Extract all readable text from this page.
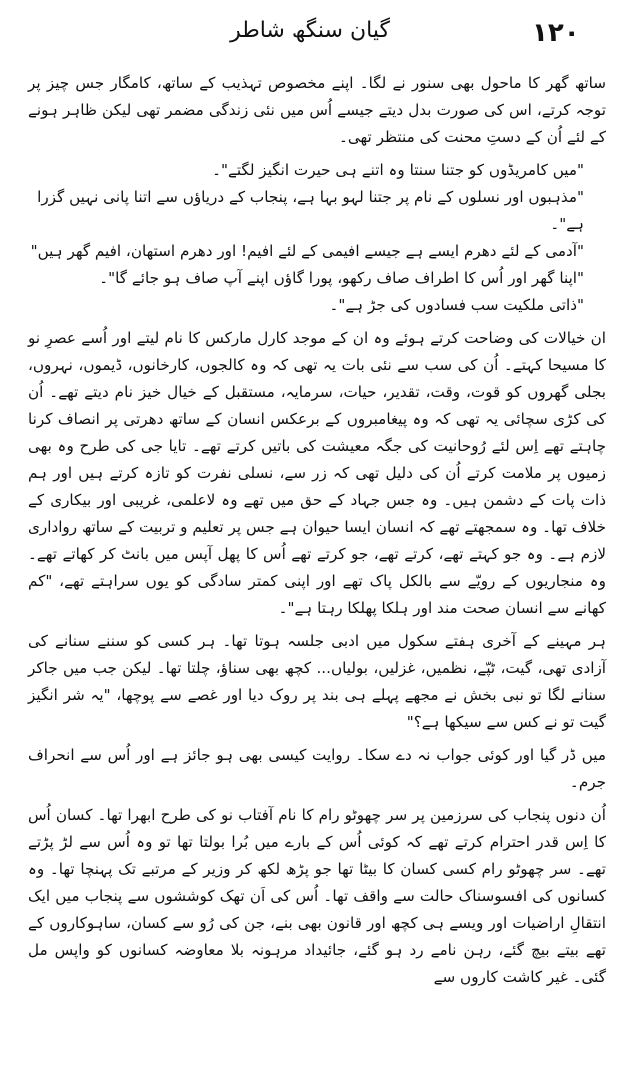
گیان سنگھ شاطر	۱۲۰

ساتھ گھر کا ماحول بھی سنور نے لگا۔ اپنے مخصوص تہذیب کے ساتھ، کامگار جس چیز پر توجہ کرتے، اس کی صورت بدل دیتے جیسے اُس میں نئی زندگی مضمر تھی لیکن ظاہر ہونے کے لئے اُن کے دستِ محنت کی منتظر تھی۔

"میں کامریڈوں کو جتنا سنتا وہ اتنے ہی حیرت انگیز لگتے"۔

"مذہبوں اور نسلوں کے نام پر جتنا لہو بہا ہے، پنجاب کے دریاؤں سے اتنا پانی نہیں گزرا ہے"۔

"آدمی کے لئے دھرم ایسے ہے جیسے افیمی کے لئے افیم! اور دھرم استھان، افیم گھر ہیں"

"اپنا گھر اور اُس کا اطراف صاف رکھو، پورا گاؤں اپنے آپ صاف ہو جائے گا"۔

"ذاتی ملکیت سب فسادوں کی جڑ ہے"۔

ان خیالات کی وضاحت کرتے ہوئے وہ ان کے موجد کارل مارکس کا نام لیتے اور اُسے عصرِ نو کا مسیحا کہتے۔ اُن کی سب سے نئی بات یہ تھی کہ وہ کالجوں، کارخانوں، ڈیموں، نہروں، بجلی گھروں کو قوت، وقت، تقدیر، حیات، سرمایہ، مستقبل کے خیال خیز نام دیتے تھے۔ اُن کی کڑی سچائی یہ تھی کہ وہ پیغامبروں کے برعکس انسان کے ساتھ دھرتی پر انصاف کرنا چاہتے تھے اِس لئے رُوحانیت کی جگہ معیشت کی باتیں کرتے تھے۔ تایا جی کی طرح وہ بھی زمیوں پر ملامت کرتے اُن کی دلیل تھی کہ زر سے، نسلی نفرت کو تازہ کرتے ہیں اور ہم ذات پات کے دشمن ہیں۔ وہ جس جہاد کے حق میں تھے وہ لاعلمی، غریبی اور بیکاری کے خلاف تھا۔ وہ سمجھتے تھے کہ انسان ایسا حیوان ہے جس پر تعلیم و تربیت کے ساتھ رواداری لازم ہے۔ وہ جو کہتے تھے، کرتے تھے، جو کرتے تھے اُس کا پھل آپس میں بانٹ کر کھاتے تھے۔ وہ منجاریوں کے رویّے سے بالکل پاک تھے اور اپنی کمتر سادگی کو یوں سراہتے تھے، "کم کھانے سے انسان صحت مند اور ہلکا پھلکا رہتا ہے"۔

ہر مہینے کے آخری ہفتے سکول میں ادبی جلسہ ہوتا تھا۔ ہر کسی کو سننے سنانے کی آزادی تھی، گیت، ٹپّے، نظمیں، غزلیں، بولیاں... کچھ بھی سناؤ، چلتا تھا۔ لیکن جب میں جاکر سنانے لگا تو نبی بخش نے مجھے پہلے ہی بند پر روک دیا اور غصے سے پوچھا، "یہ شر انگیز گیت تو نے کس سے سیکھا ہے؟"

میں ڈر گیا اور کوئی جواب نہ دے سکا۔ روایت کیسی بھی ہو جائز ہے اور اُس سے انحراف جرم۔

اُن دنوں پنجاب کی سرزمین پر سر چھوٹو رام کا نام آفتاب نو کی طرح ابھرا تھا۔ کسان اُس کا اِس قدر احترام کرتے تھے کہ کوئی اُس کے بارے میں بُرا بولتا تھا تو وہ اُس سے لڑ پڑتے تھے۔ سر چھوٹو رام کسی کسان کا بیٹا تھا جو پڑھ لکھ کر وزیر کے مرتبے تک پہنچا تھا۔ وہ کسانوں کی افسوسناک حالت سے واقف تھا۔ اُس کی اَن تھک کوششوں سے پنجاب میں ایک انتقالِ اراضیات اور ویسے ہی کچھ اور قانون بھی بنے، جن کی رُو سے کسان، ساہوکاروں کے تھے بیتے بیچ گئے، رہن نامے رد ہو گئے، جائیداد مرہونہ بلا معاوضہ کسانوں کو واپس مل گئی۔ غیر کاشت کاروں سے
